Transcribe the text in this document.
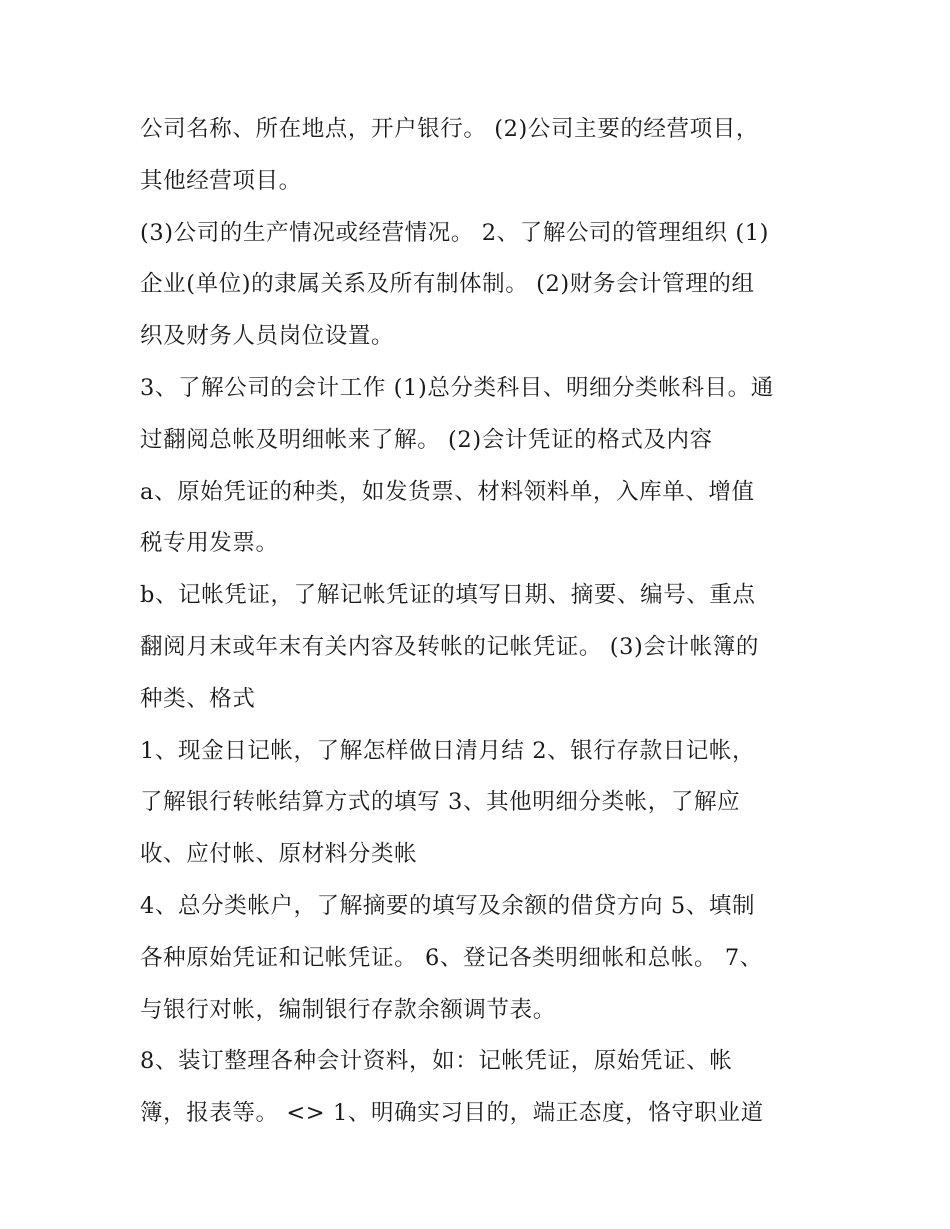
公司名称、所在地点，开户银行。 (2)公司主要的经营项目，
其他经营项目。
(3)公司的生产情况或经营情况。 2、了解公司的管理组织 (1)
企业(单位)的隶属关系及所有制体制。 (2)财务会计管理的组
织及财务人员岗位设置。
3、了解公司的会计工作 (1)总分类科目、明细分类帐科目。通
过翻阅总帐及明细帐来了解。 (2)会计凭证的格式及内容
a、原始凭证的种类，如发货票、材料领料单，入库单、增值
税专用发票。
b、记帐凭证，了解记帐凭证的填写日期、摘要、编号、重点
翻阅月末或年末有关内容及转帐的记帐凭证。 (3)会计帐簿的
种类、格式
1、现金日记帐，了解怎样做日清月结 2、银行存款日记帐，
了解银行转帐结算方式的填写 3、其他明细分类帐，了解应
收、应付帐、原材料分类帐
4、总分类帐户，了解摘要的填写及余额的借贷方向 5、填制
各种原始凭证和记帐凭证。 6、登记各类明细帐和总帐。 7、
与银行对帐，编制银行存款余额调节表。
8、装订整理各种会计资料，如：记帐凭证，原始凭证、帐
簿，报表等。 <> 1、明确实习目的，端正态度，恪守职业道
